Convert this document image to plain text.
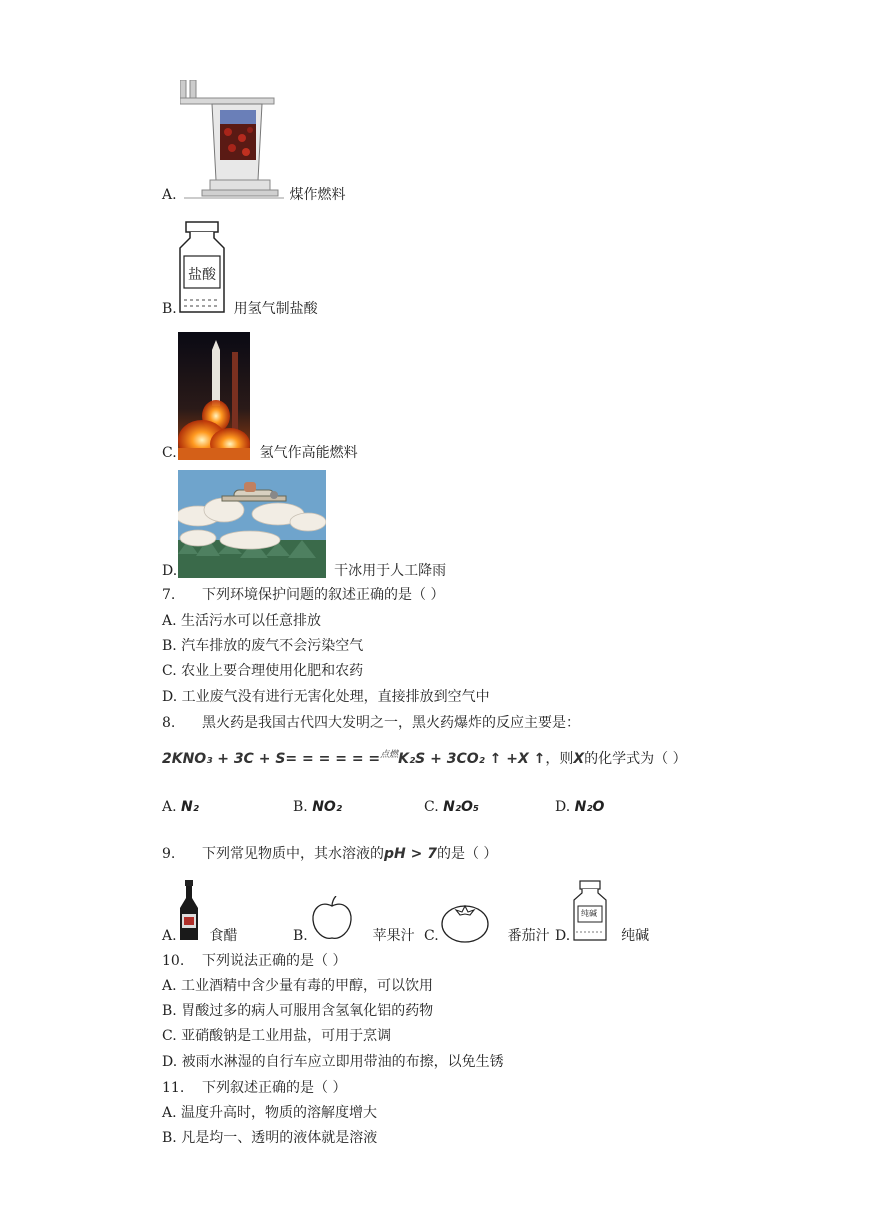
A.	煤作燃料
盐酸
B.	用氢气制盐酸
C.	氢气作高能燃料
D.	干冰用于人工降雨
7. 下列环境保护问题的叙述正确的是（ ）
A. 生活污水可以任意排放
B. 汽车排放的废气不会污染空气
C. 农业上要合理使用化肥和农药
D. 工业废气没有进行无害化处理，直接排放到空气中
8. 黑火药是我国古代四大发明之一，黑火药爆炸的反应主要是：
2KNO₃ + 3C + S= = = = = =$^{点燃}$K₂S + 3CO₂ ↑ +X ↑，则X的化学式为（ ）
A. N₂	B. NO₂	C. N₂O₅	D. N₂O
9. 下列常见物质中，其水溶液的pH > 7的是（ ）
A. 食醋	B.	苹果汁 C.	番茄汁
纯碱
D.	纯碱
10. 下列说法正确的是（ ）
A. 工业酒精中含少量有毒的甲醇，可以饮用
B. 胃酸过多的病人可服用含氢氧化铝的药物
C. 亚硝酸钠是工业用盐，可用于烹调
D. 被雨水淋湿的自行车应立即用带油的布擦，以免生锈
11. 下列叙述正确的是（ ）
A. 温度升高时，物质的溶解度增大
B. 凡是均一、透明的液体就是溶液
